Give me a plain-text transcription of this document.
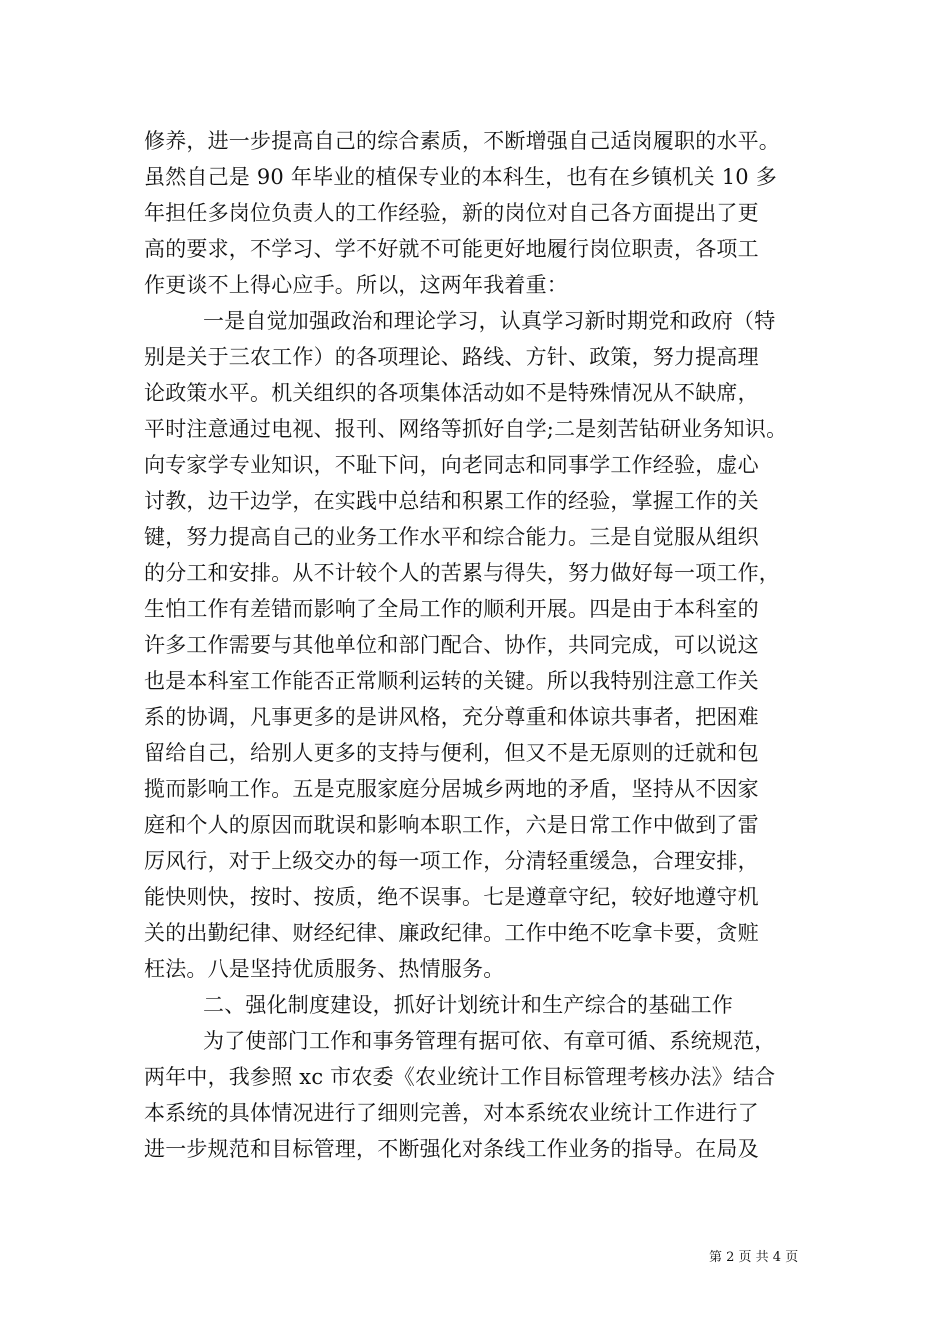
修养，进一步提高自己的综合素质，不断增强自己适岗履职的水平。
虽然自己是 90 年毕业的植保专业的本科生，也有在乡镇机关 10 多
年担任多岗位负责人的工作经验，新的岗位对自己各方面提出了更
高的要求，不学习、学不好就不可能更好地履行岗位职责，各项工
作更谈不上得心应手。所以，这两年我着重：
一是自觉加强政治和理论学习，认真学习新时期党和政府（特
别是关于三农工作）的各项理论、路线、方针、政策，努力提高理
论政策水平。机关组织的各项集体活动如不是特殊情况从不缺席，
平时注意通过电视、报刊、网络等抓好自学;二是刻苦钻研业务知识。
向专家学专业知识，不耻下问，向老同志和同事学工作经验，虚心
讨教，边干边学，在实践中总结和积累工作的经验，掌握工作的关
键，努力提高自己的业务工作水平和综合能力。三是自觉服从组织
的分工和安排。从不计较个人的苦累与得失，努力做好每一项工作，
生怕工作有差错而影响了全局工作的顺利开展。四是由于本科室的
许多工作需要与其他单位和部门配合、协作，共同完成，可以说这
也是本科室工作能否正常顺利运转的关键。所以我特别注意工作关
系的协调，凡事更多的是讲风格，充分尊重和体谅共事者，把困难
留给自己，给别人更多的支持与便利，但又不是无原则的迁就和包
揽而影响工作。五是克服家庭分居城乡两地的矛盾，坚持从不因家
庭和个人的原因而耽误和影响本职工作，六是日常工作中做到了雷
厉风行，对于上级交办的每一项工作，分清轻重缓急，合理安排，
能快则快，按时、按质，绝不误事。七是遵章守纪，较好地遵守机
关的出勤纪律、财经纪律、廉政纪律。工作中绝不吃拿卡要，贪赃
枉法。八是坚持优质服务、热情服务。
二、强化制度建设，抓好计划统计和生产综合的基础工作
为了使部门工作和事务管理有据可依、有章可循、系统规范，
两年中，我参照 xc 市农委《农业统计工作目标管理考核办法》结合
本系统的具体情况进行了细则完善，对本系统农业统计工作进行了
进一步规范和目标管理，不断强化对条线工作业务的指导。在局及
第 2 页 共 4 页
